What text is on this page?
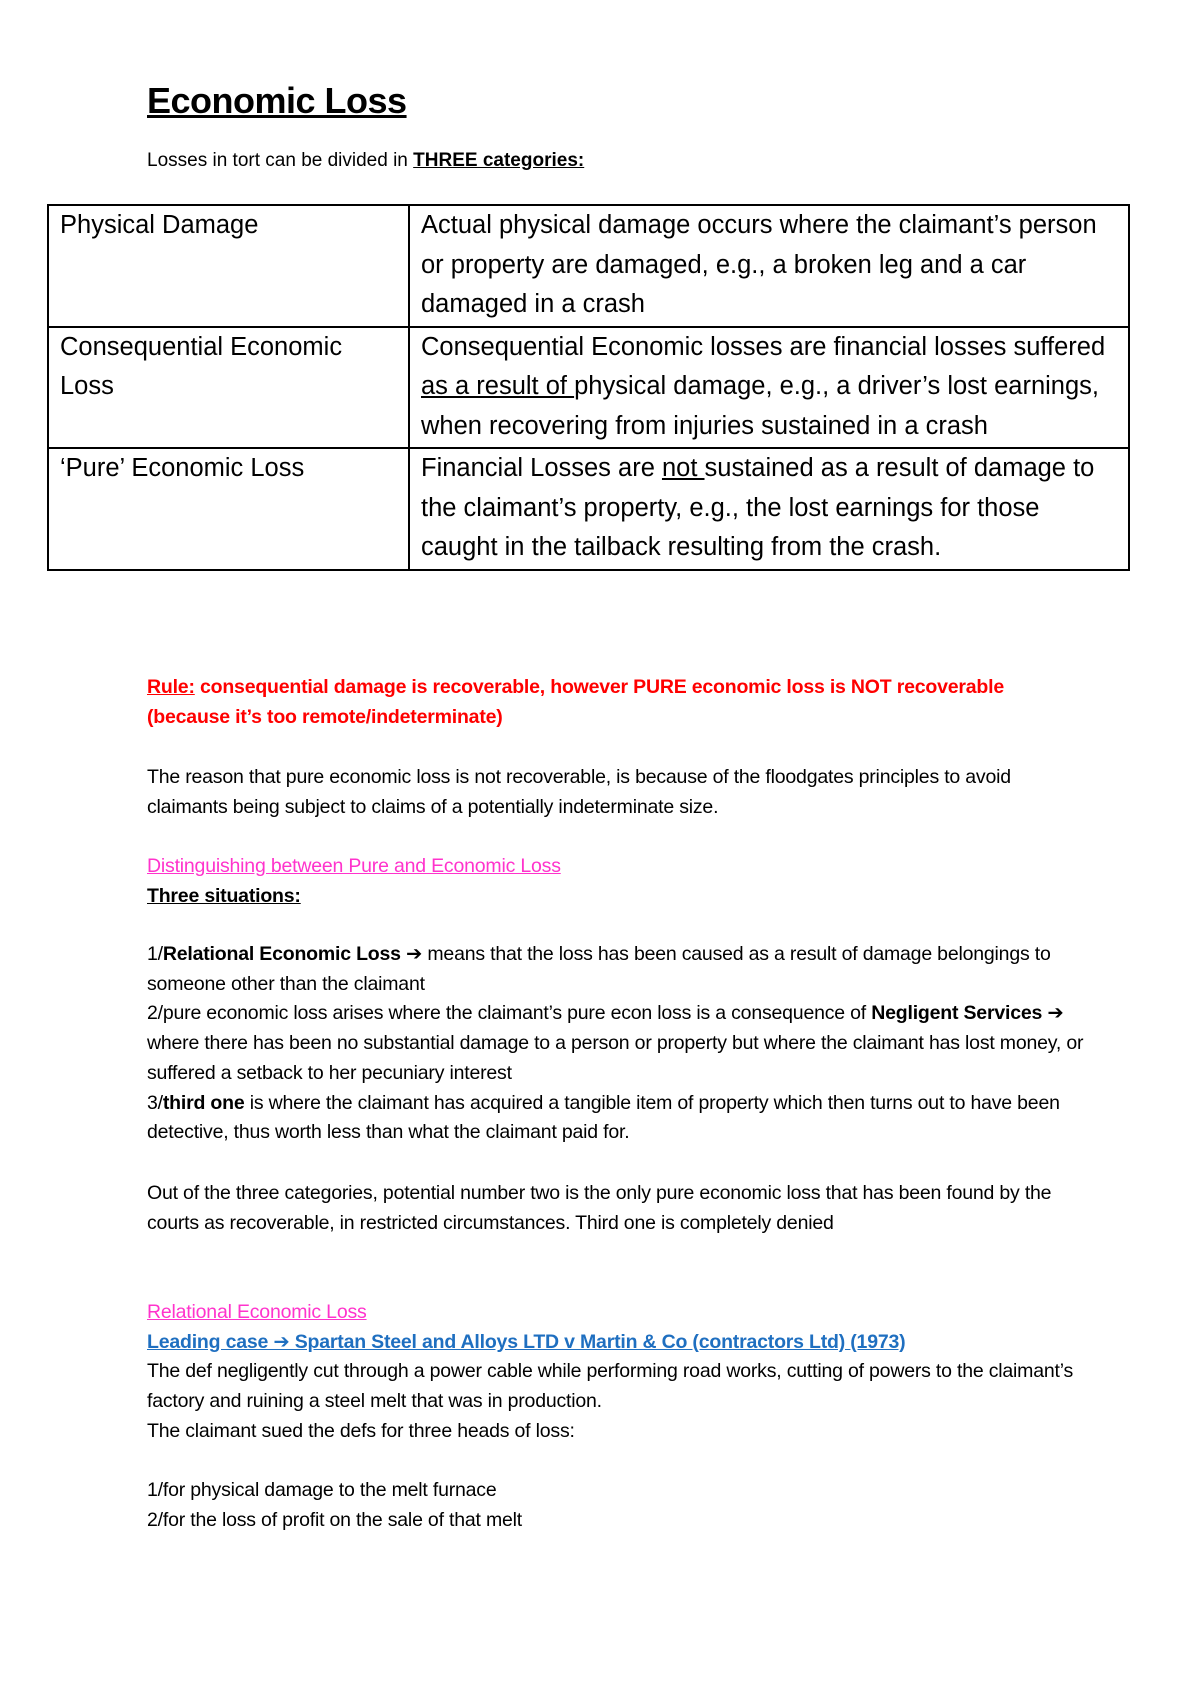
Economic Loss
Losses in tort can be divided in THREE categories:
Physical Damage	Actual physical damage occurs where the claimant’s person or property are damaged, e.g., a broken leg and a car damaged in a crash
Consequential Economic Loss	Consequential Economic losses are financial losses suffered as a result of physical damage, e.g., a driver’s lost earnings, when recovering from injuries sustained in a crash
‘Pure’ Economic Loss	Financial Losses are not sustained as a result of damage to the claimant’s property, e.g., the lost earnings for those caught in the tailback resulting from the crash.
Rule: consequential damage is recoverable, however PURE economic loss is NOT recoverable (because it’s too remote/indeterminate)
The reason that pure economic loss is not recoverable, is because of the floodgates principles to avoid claimants being subject to claims of a potentially indeterminate size.
Distinguishing between Pure and Economic Loss
Three situations:
1/Relational Economic Loss ➔ means that the loss has been caused as a result of damage belongings to someone other than the claimant
2/pure economic loss arises where the claimant’s pure econ loss is a consequence of Negligent Services ➔ where there has been no substantial damage to a person or property but where the claimant has lost money, or suffered a setback to her pecuniary interest
3/third one is where the claimant has acquired a tangible item of property which then turns out to have been detective, thus worth less than what the claimant paid for.
Out of the three categories, potential number two is the only pure economic loss that has been found by the courts as recoverable, in restricted circumstances. Third one is completely denied
Relational Economic Loss
Leading case ➔ Spartan Steel and Alloys LTD v Martin & Co (contractors Ltd) (1973)
The def negligently cut through a power cable while performing road works, cutting of powers to the claimant’s factory and ruining a steel melt that was in production.
The claimant sued the defs for three heads of loss:
1/for physical damage to the melt furnace
2/for the loss of profit on the sale of that melt
